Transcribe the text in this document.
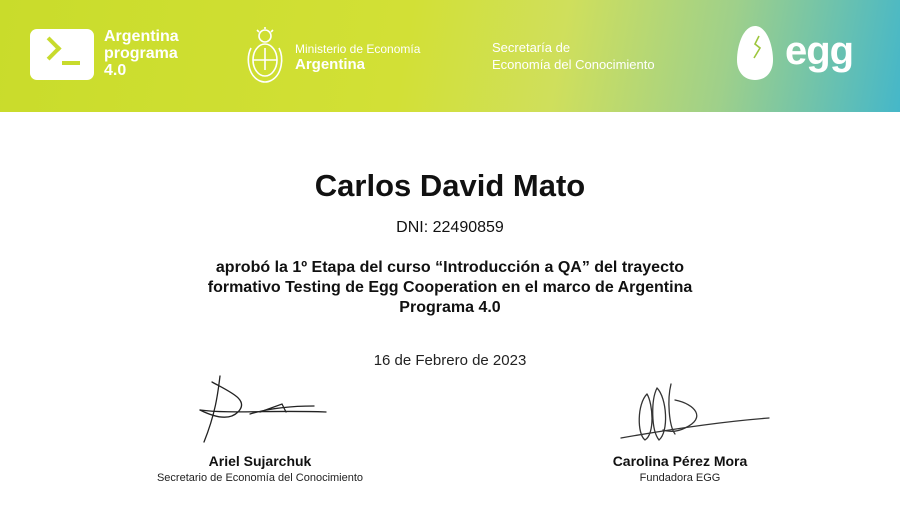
Argentina
programa
4.0
Ministerio de Economía
Argentina
Secretaría de
Economía del Conocimiento	egg
Carlos David Mato
DNI: 22490859
aprobó la 1º Etapa del curso “Introducción a QA” del trayecto
formativo Testing de Egg Cooperation en el marco de Argentina
Programa 4.0
16 de Febrero de 2023
Ariel Sujarchuk
Secretario de Economía del Conocimiento
Carolina Pérez Mora
Fundadora EGG
